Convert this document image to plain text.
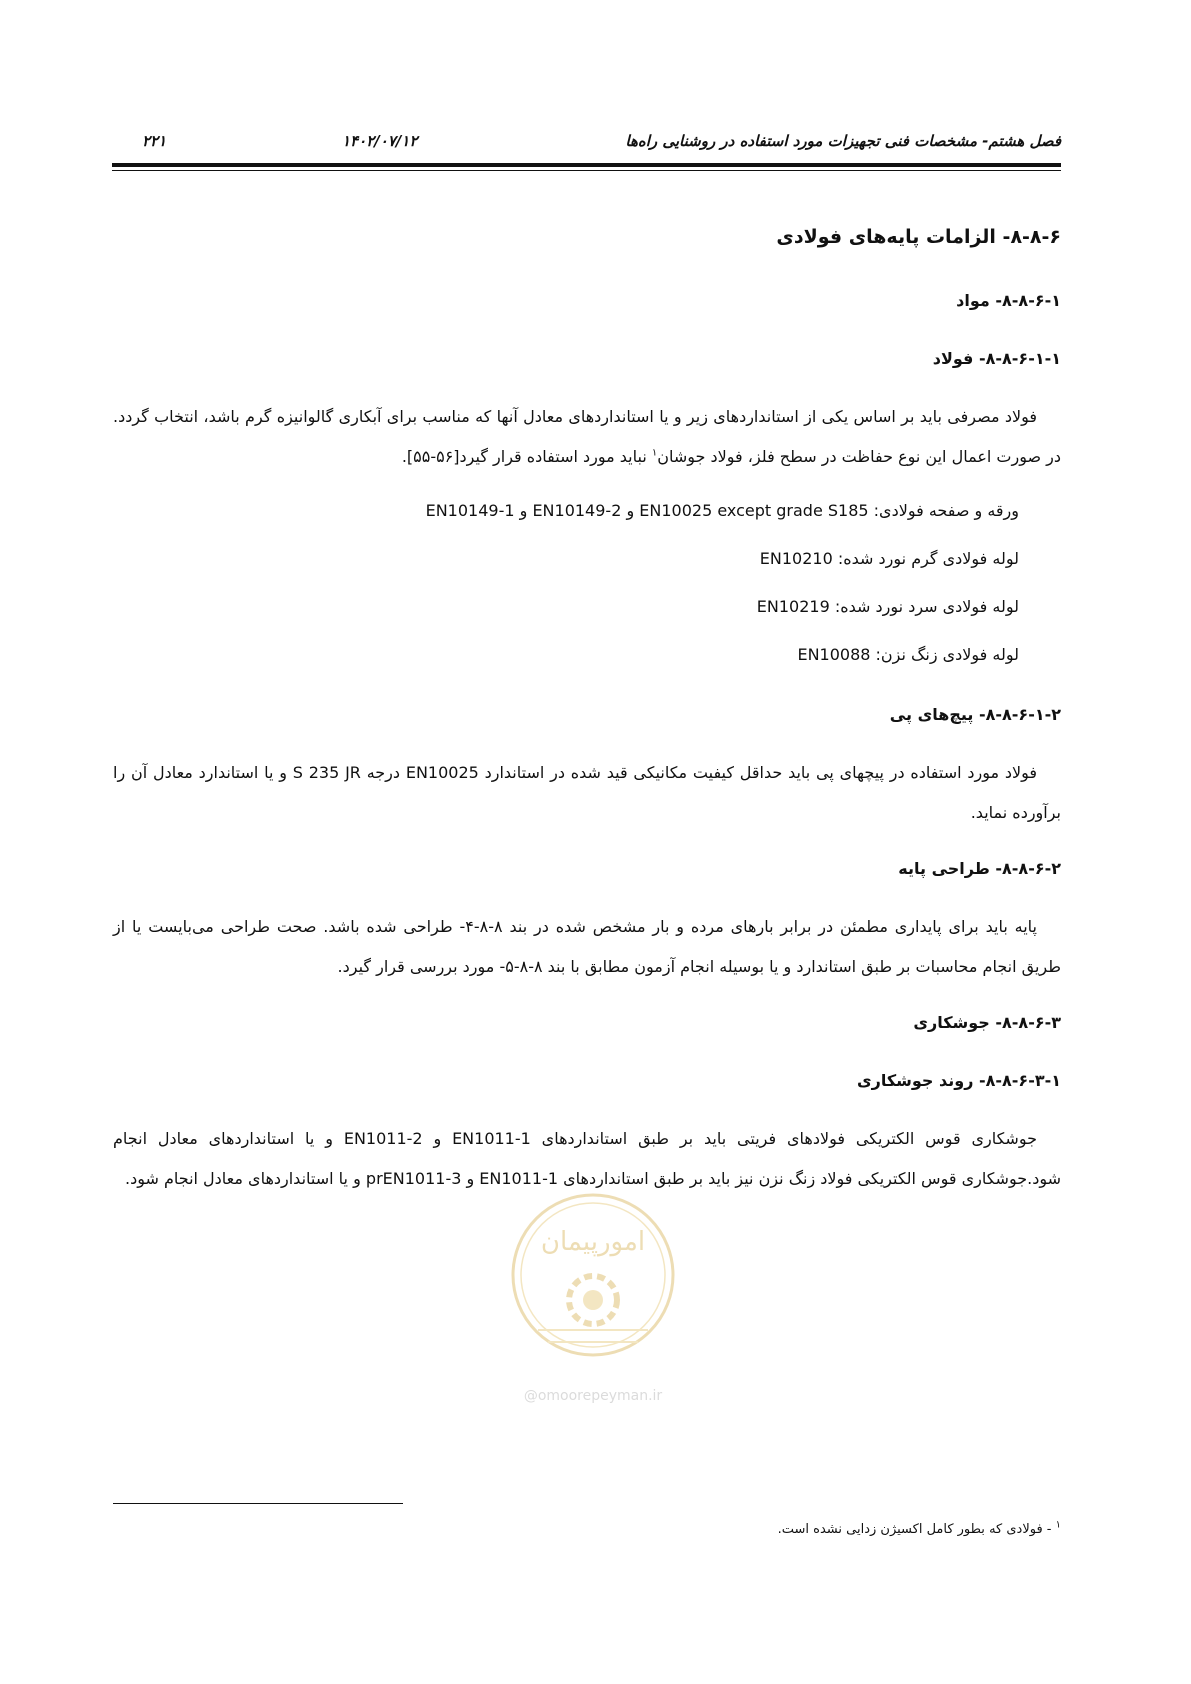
فصل هشتم- مشخصات فنی تجهیزات مورد استفاده در روشنایی راه‌ها
۱۴۰۲/۰۷/۱۲
۲۲۱
۸-۸-۶- الزامات پایه‌های فولادی
۸-۸-۶-۱- مواد
۸-۸-۶-۱-۱- فولاد
فولاد مصرفی باید بر اساس یکی از استانداردهای زیر و یا استانداردهای معادل آنها که مناسب برای آبکاری گالوانیزه گرم باشد، انتخاب گردد. در صورت اعمال این نوع حفاظت در سطح فلز، فولاد جوشان$^۱$ نباید مورد استفاده قرار گیرد[۵۶-۵۵].
ورقه و صفحه فولادی: EN10025 except grade S185 و EN10149-2 و EN10149-1
لوله فولادی گرم نورد شده: EN10210
لوله فولادی سرد نورد شده: EN10219
لوله فولادی زنگ نزن: EN10088
۸-۸-۶-۱-۲- پیچ‌های پی
فولاد مورد استفاده در پیچهای پی باید حداقل کیفیت مکانیکی قید شده در استاندارد EN10025 درجه S 235 JR و یا استاندارد معادل آن را برآورده نماید.
۸-۸-۶-۲- طراحی پایه
پایه باید برای پایداری مطمئن در برابر بارهای مرده و بار مشخص شده در بند ۸-۸-۴- طراحی شده باشد. صحت طراحی می‌بایست یا از طریق انجام محاسبات بر طبق استاندارد و یا بوسیله انجام آزمون مطابق با بند ۸-۸-۵- مورد بررسی قرار گیرد.
۸-۸-۶-۳- جوشکاری
۸-۸-۶-۳-۱- روند جوشکاری
جوشکاری قوس الکتریکی فولادهای فریتی باید بر طبق استانداردهای EN1011-1 و EN1011-2 و یا استانداردهای معادل انجام شود.جوشکاری قوس الکتریکی فولاد زنگ نزن نیز باید بر طبق استانداردهای EN1011-1 و prEN1011-3 و یا استانداردهای معادل انجام شود.
امورپیمان
@omoorepeyman.ir
$^۱$ - فولادی که بطور کامل اکسیژن زدایی نشده است.
